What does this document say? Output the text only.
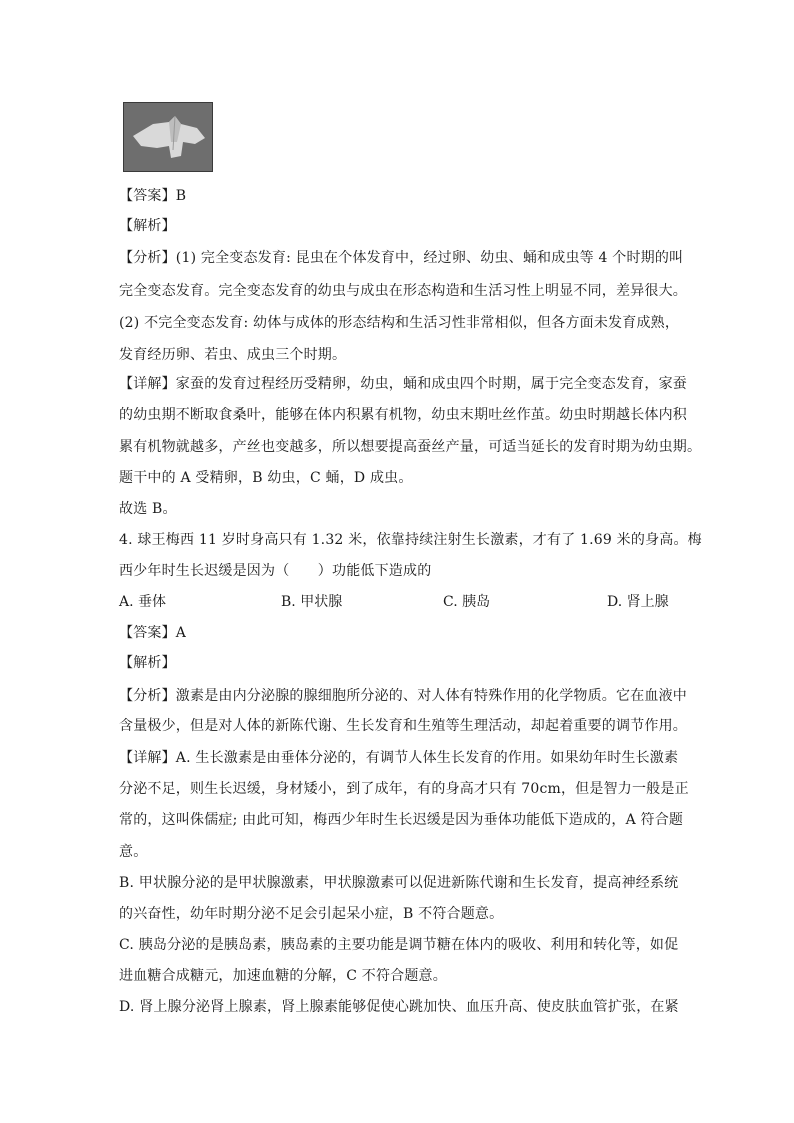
【答案】B
【解析】
【分析】(1) 完全变态发育: 昆虫在个体发育中，经过卵、幼虫、蛹和成虫等 4 个时期的叫
完全变态发育。完全变态发育的幼虫与成虫在形态构造和生活习性上明显不同，差异很大。
(2) 不完全变态发育: 幼体与成体的形态结构和生活习性非常相似，但各方面未发育成熟，
发育经历卵、若虫、成虫三个时期。
【详解】家蚕的发育过程经历受精卵，幼虫，蛹和成虫四个时期，属于完全变态发育，家蚕
的幼虫期不断取食桑叶，能够在体内积累有机物，幼虫末期吐丝作茧。幼虫时期越长体内积
累有机物就越多，产丝也变越多，所以想要提高蚕丝产量，可适当延长的发育时期为幼虫期。
题干中的 A 受精卵，B 幼虫，C 蛹，D 成虫。
故选 B。
4. 球王梅西 11 岁时身高只有 1.32 米，依靠持续注射生长激素，才有了 1.69 米的身高。梅
西少年时生长迟缓是因为（　　）功能低下造成的
A. 垂体	B. 甲状腺	C. 胰岛	D. 肾上腺
【答案】A
【解析】
【分析】激素是由内分泌腺的腺细胞所分泌的、对人体有特殊作用的化学物质。它在血液中
含量极少，但是对人体的新陈代谢、生长发育和生殖等生理活动，却起着重要的调节作用。
【详解】A. 生长激素是由垂体分泌的，有调节人体生长发育的作用。如果幼年时生长激素
分泌不足，则生长迟缓，身材矮小，到了成年，有的身高才只有 70cm，但是智力一般是正
常的，这叫侏儒症; 由此可知，梅西少年时生长迟缓是因为垂体功能低下造成的，A 符合题
意。
B. 甲状腺分泌的是甲状腺激素，甲状腺激素可以促进新陈代谢和生长发育，提高神经系统
的兴奋性，幼年时期分泌不足会引起呆小症，B 不符合题意。
C. 胰岛分泌的是胰岛素，胰岛素的主要功能是调节糖在体内的吸收、利用和转化等，如促
进血糖合成糖元，加速血糖的分解，C 不符合题意。
D. 肾上腺分泌肾上腺素，肾上腺素能够促使心跳加快、血压升高、使皮肤血管扩张，在紧
